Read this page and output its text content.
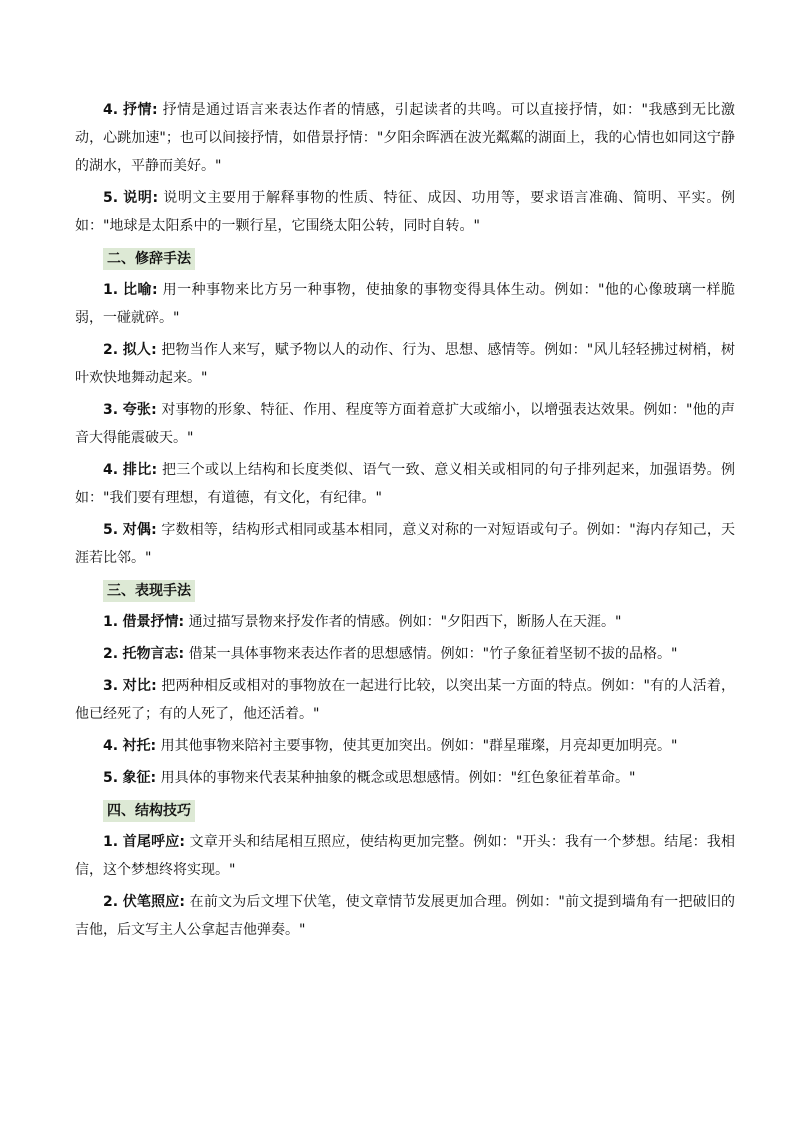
4. 抒情: 抒情是通过语言来表达作者的情感，引起读者的共鸣。可以直接抒情，如："我感到无比激动，心跳加速"；也可以间接抒情，如借景抒情："夕阳余晖洒在波光粼粼的湖面上，我的心情也如同这宁静的湖水，平静而美好。"

5. 说明: 说明文主要用于解释事物的性质、特征、成因、功用等，要求语言准确、简明、平实。例如："地球是太阳系中的一颗行星，它围绕太阳公转，同时自转。"

二、修辞手法

1. 比喻: 用一种事物来比方另一种事物，使抽象的事物变得具体生动。例如："他的心像玻璃一样脆弱，一碰就碎。"

2. 拟人: 把物当作人来写，赋予物以人的动作、行为、思想、感情等。例如："风儿轻轻拂过树梢，树叶欢快地舞动起来。"

3. 夸张: 对事物的形象、特征、作用、程度等方面着意扩大或缩小，以增强表达效果。例如："他的声音大得能震破天。"

4. 排比: 把三个或以上结构和长度类似、语气一致、意义相关或相同的句子排列起来，加强语势。例如："我们要有理想，有道德，有文化，有纪律。"

5. 对偶: 字数相等，结构形式相同或基本相同，意义对称的一对短语或句子。例如："海内存知己，天涯若比邻。"

三、表现手法

1. 借景抒情: 通过描写景物来抒发作者的情感。例如："夕阳西下，断肠人在天涯。"

2. 托物言志: 借某一具体事物来表达作者的思想感情。例如："竹子象征着坚韧不拔的品格。"

3. 对比: 把两种相反或相对的事物放在一起进行比较，以突出某一方面的特点。例如："有的人活着，他已经死了；有的人死了，他还活着。"

4. 衬托: 用其他事物来陪衬主要事物，使其更加突出。例如："群星璀璨，月亮却更加明亮。"

5. 象征: 用具体的事物来代表某种抽象的概念或思想感情。例如："红色象征着革命。"

四、结构技巧

1. 首尾呼应: 文章开头和结尾相互照应，使结构更加完整。例如："开头：我有一个梦想。结尾：我相信，这个梦想终将实现。"

2. 伏笔照应: 在前文为后文埋下伏笔，使文章情节发展更加合理。例如："前文提到墙角有一把破旧的吉他，后文写主人公拿起吉他弹奏。"
